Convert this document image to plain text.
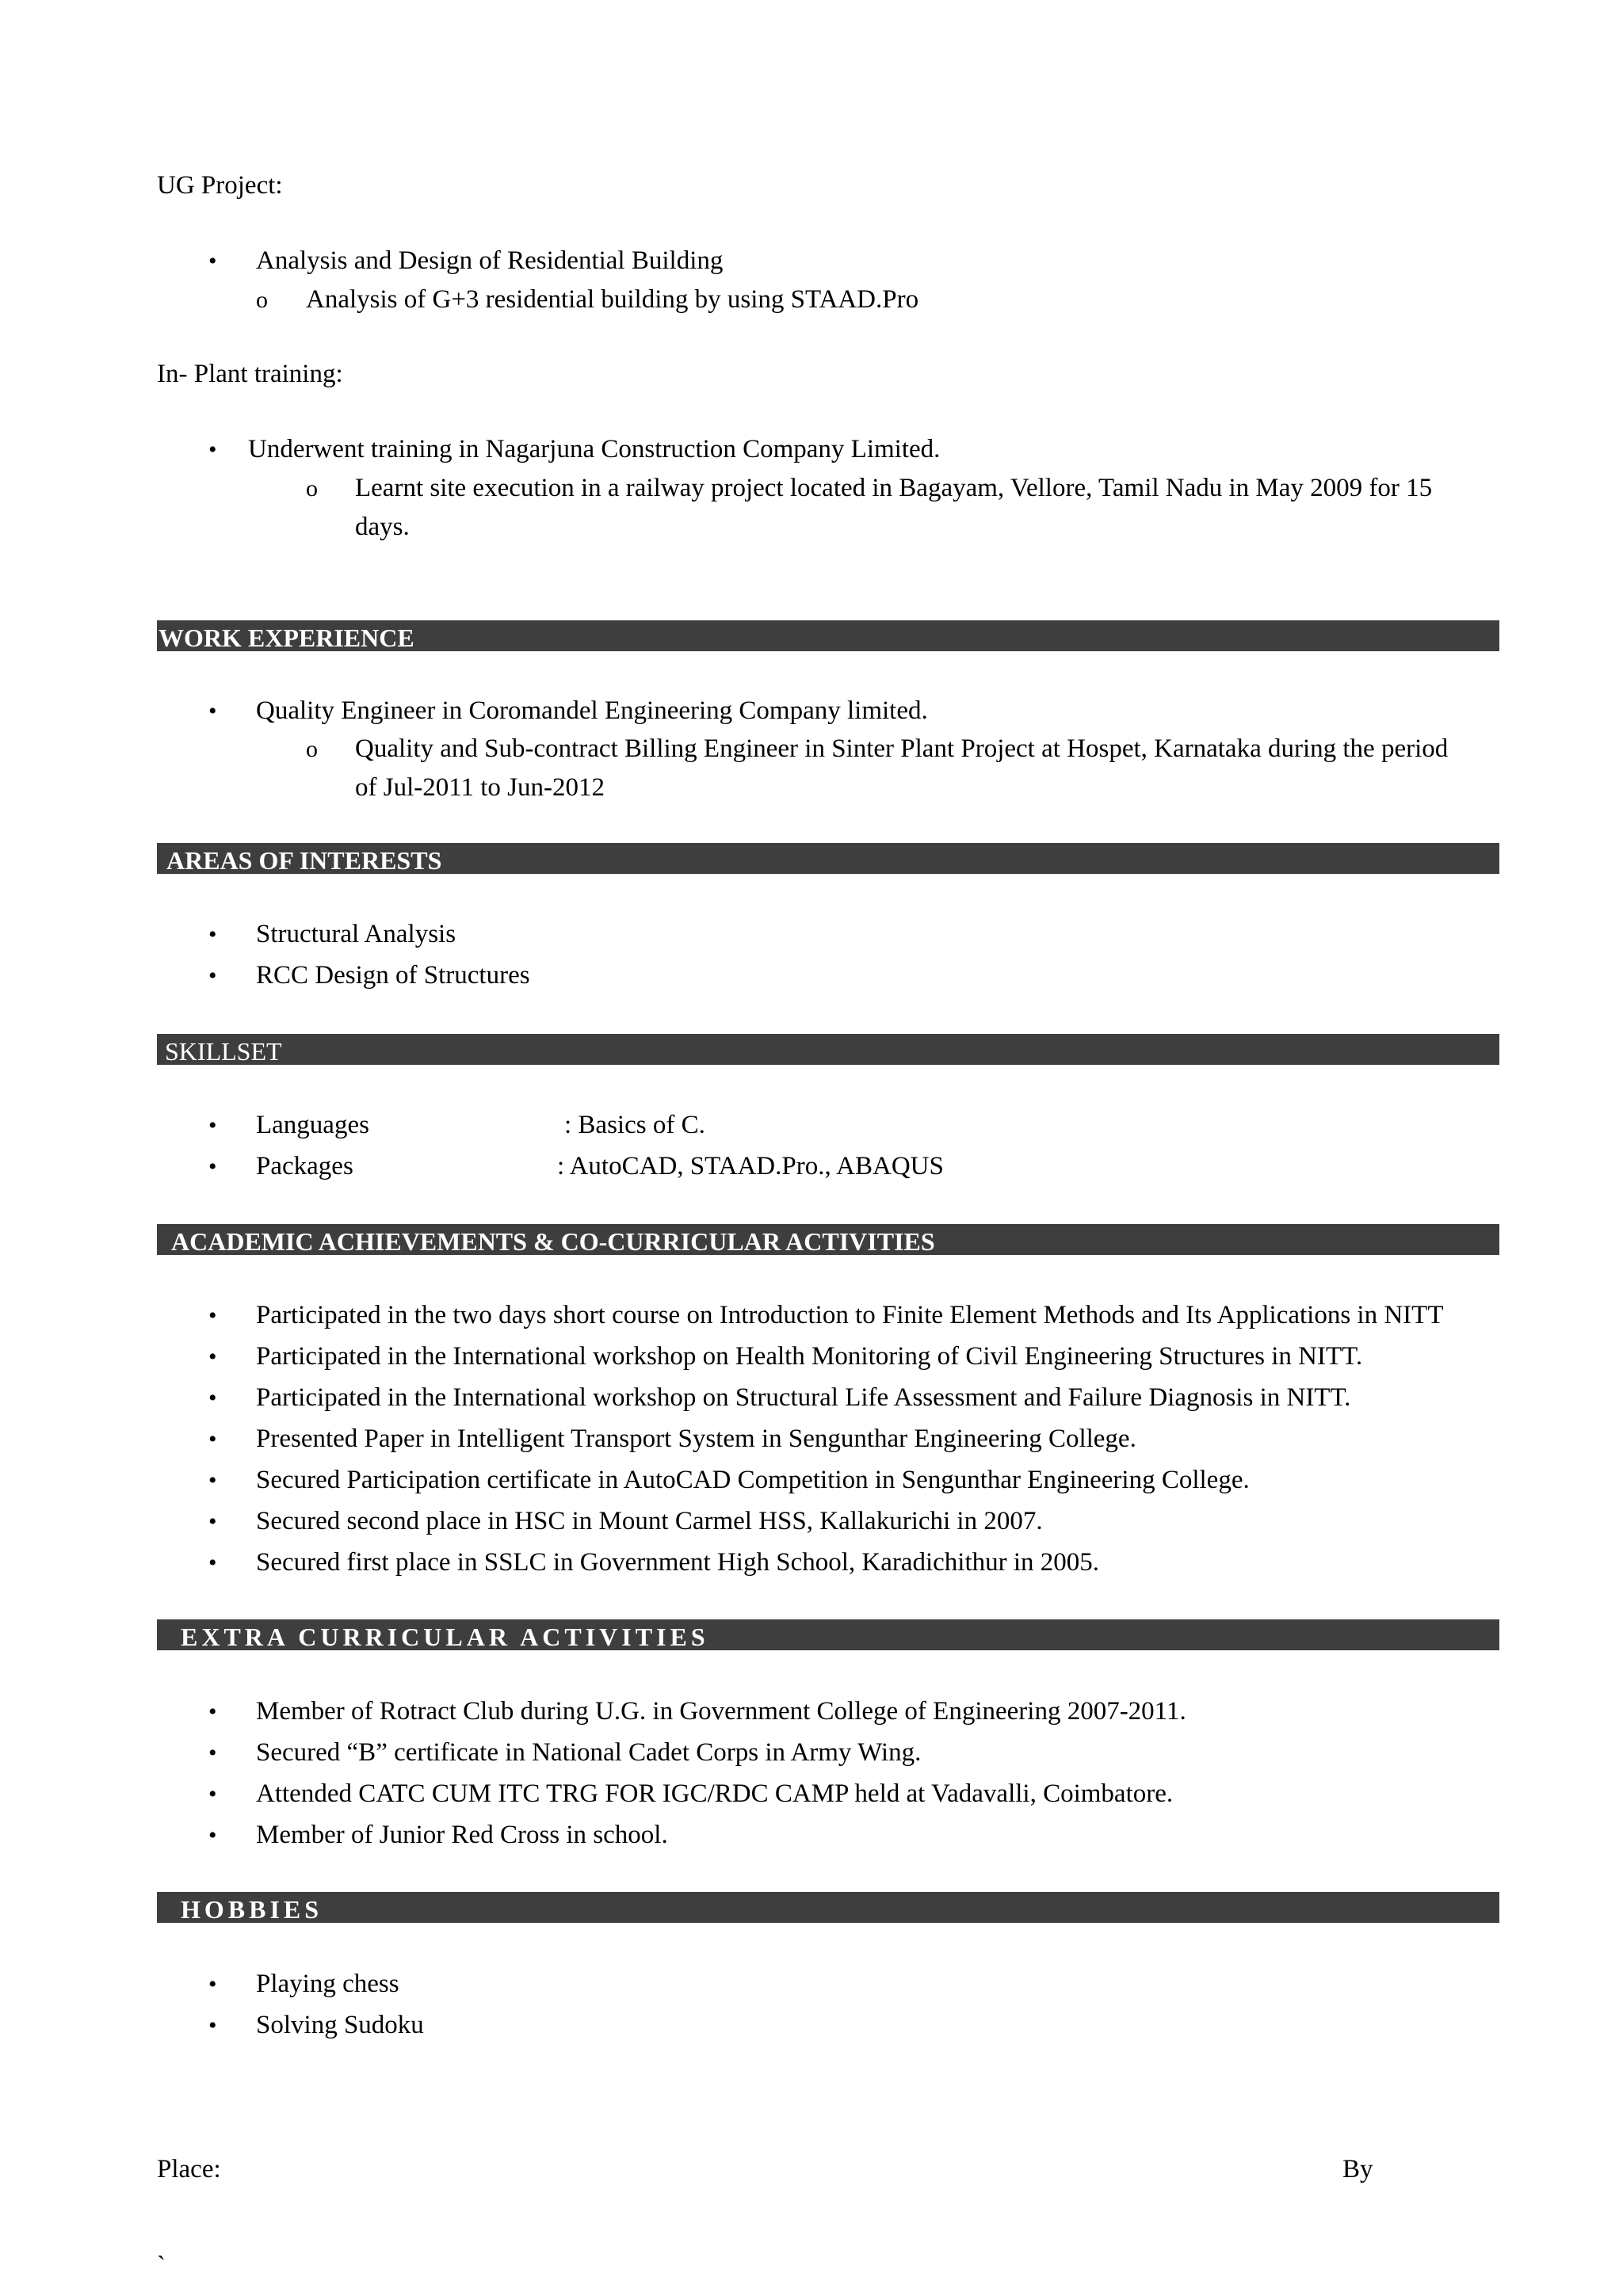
UG Project:
• Analysis and Design of Residential Building
o Analysis of G+3 residential building by using STAAD.Pro
In- Plant training:
• Underwent training in Nagarjuna Construction Company Limited.
o Learnt site execution in a railway project located in Bagayam, Vellore, Tamil Nadu in May 2009 for 15
days.
WORK EXPERIENCE
• Quality Engineer in Coromandel Engineering Company limited.
o Quality and Sub-contract Billing Engineer in Sinter Plant Project at Hospet, Karnataka during the period
of Jul-2011 to Jun-2012
AREAS OF INTERESTS
• Structural Analysis
• RCC Design of Structures
SKILLSET
• Languages	: Basics of C.
• Packages	: AutoCAD, STAAD.Pro., ABAQUS
ACADEMIC ACHIEVEMENTS & CO-CURRICULAR ACTIVITIES
• Participated in the two days short course on Introduction to Finite Element Methods and Its Applications in NITT
• Participated in the International workshop on Health Monitoring of Civil Engineering Structures in NITT.
• Participated in the International workshop on Structural Life Assessment and Failure Diagnosis in NITT.
• Presented Paper in Intelligent Transport System in Sengunthar Engineering College.
• Secured Participation certificate in AutoCAD Competition in Sengunthar Engineering College.
• Secured second place in HSC in Mount Carmel HSS, Kallakurichi in 2007.
• Secured first place in SSLC in Government High School, Karadichithur in 2005.
EXTRA CURRICULAR ACTIVITIES
• Member of Rotract Club during U.G. in Government College of Engineering 2007-2011.
• Secured “B” certificate in National Cadet Corps in Army Wing.
• Attended CATC CUM ITC TRG FOR IGC/RDC CAMP held at Vadavalli, Coimbatore.
• Member of Junior Red Cross in school.
HOBBIES
• Playing chess
• Solving Sudoku
Place:	By
`
